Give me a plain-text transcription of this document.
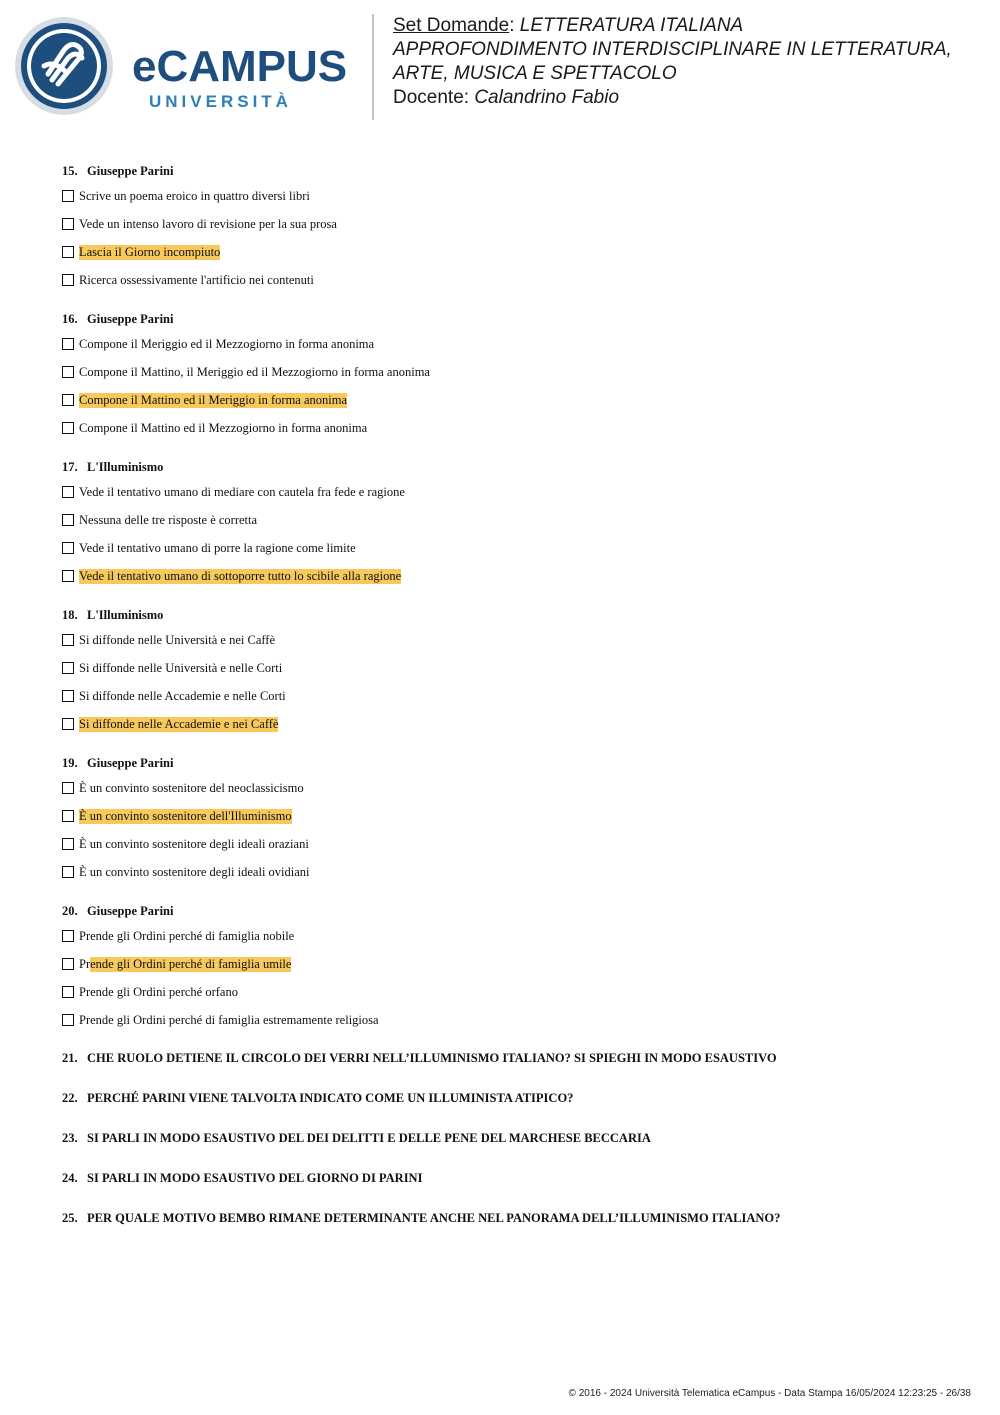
eCAMPUS
UNIVERSITÀ
Set Domande: LETTERATURA ITALIANA
APPROFONDIMENTO INTERDISCIPLINARE IN LETTERATURA,
ARTE, MUSICA E SPETTACOLO
Docente: Calandrino Fabio
15. Giuseppe Parini
Scrive un poema eroico in quattro diversi libri
Vede un intenso lavoro di revisione per la sua prosa
Lascia il Giorno incompiuto
Ricerca ossessivamente l'artificio nei contenuti
16. Giuseppe Parini
Compone il Meriggio ed il Mezzogiorno in forma anonima
Compone il Mattino, il Meriggio ed il Mezzogiorno in forma anonima
Compone il Mattino ed il Meriggio in forma anonima
Compone il Mattino ed il Mezzogiorno in forma anonima
17. L'Illuminismo
Vede il tentativo umano di mediare con cautela fra fede e ragione
Nessuna delle tre risposte è corretta
Vede il tentativo umano di porre la ragione come limite
Vede il tentativo umano di sottoporre tutto lo scibile alla ragione
18. L'Illuminismo
Si diffonde nelle Università e nei Caffè
Si diffonde nelle Università e nelle Corti
Si diffonde nelle Accademie e nelle Corti
Si diffonde nelle Accademie e nei Caffè
19. Giuseppe Parini
È un convinto sostenitore del neoclassicismo
È un convinto sostenitore dell'Illuminismo
È un convinto sostenitore degli ideali oraziani
È un convinto sostenitore degli ideali ovidiani
20. Giuseppe Parini
Prende gli Ordini perché di famiglia nobile
Pr ende gli Ordini perché di famiglia umile
Prende gli Ordini perché orfano
Prende gli Ordini perché di famiglia estremamente religiosa
21. CHE RUOLO DETIENE IL CIRCOLO DEI VERRI NELL’ILLUMINISMO ITALIANO? SI SPIEGHI IN MODO ESAUSTIVO
22. PERCHÉ PARINI VIENE TALVOLTA INDICATO COME UN ILLUMINISTA ATIPICO?
23. SI PARLI IN MODO ESAUSTIVO DEL DEI DELITTI E DELLE PENE DEL MARCHESE BECCARIA
24. SI PARLI IN MODO ESAUSTIVO DEL GIORNO DI PARINI
25. PER QUALE MOTIVO BEMBO RIMANE DETERMINANTE ANCHE NEL PANORAMA DELL’ILLUMINISMO ITALIANO?
© 2016 - 2024 Università Telematica eCampus - Data Stampa 16/05/2024 12:23:25 - 26/38
